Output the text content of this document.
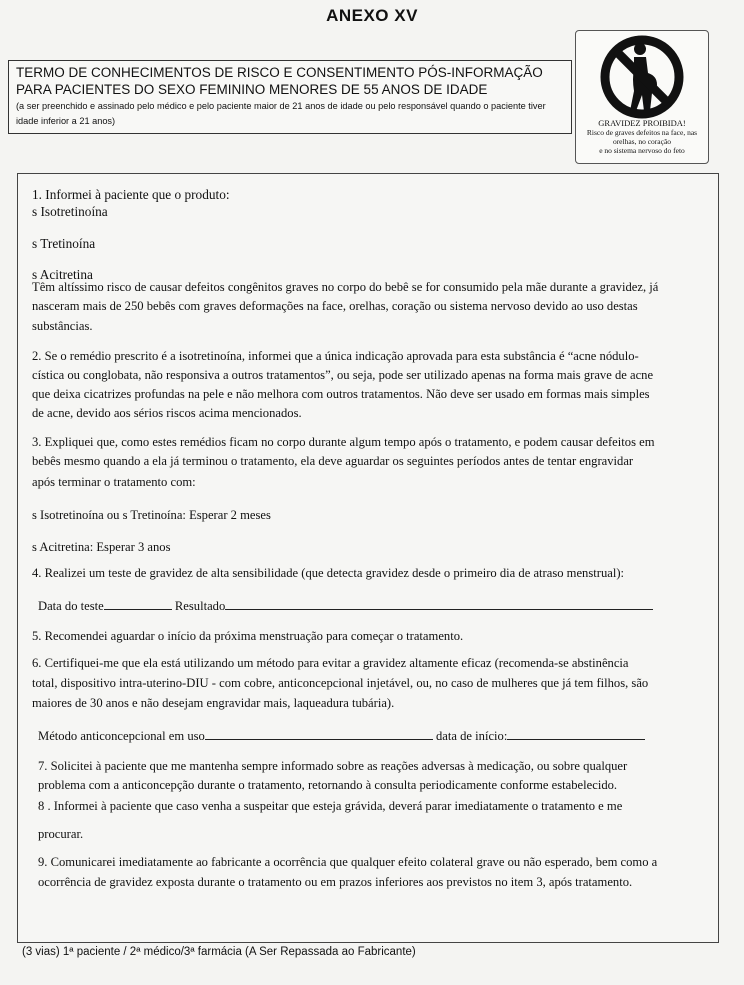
ANEXO XV
TERMO DE CONHECIMENTOS DE RISCO E CONSENTIMENTO PÓS-INFORMAÇÃO
PARA PACIENTES DO SEXO FEMININO MENORES DE 55 ANOS DE IDADE
(a ser preenchido e assinado pelo médico e pelo paciente maior de 21 anos de idade ou pelo responsável quando o paciente tiver idade inferior a 21 anos)	GRAVIDEZ PROIBIDA!
Risco de graves defeitos na face, nas
orelhas, no coração
e no sistema nervoso do feto
1. Informei à paciente que o produto:
s Isotretinoína
s Tretinoína
s Acitretina
Têm altíssimo risco de causar defeitos congênitos graves no corpo do bebê se for consumido pela mãe durante a gravidez, já
nasceram mais de 250 bebês com graves deformações na face, orelhas, coração ou sistema nervoso devido ao uso destas
substâncias.
2. Se o remédio prescrito é a isotretinoína, informei que a única indicação aprovada para esta substância é “acne nódulo-
cística ou conglobata, não responsiva a outros tratamentos”, ou seja, pode ser utilizado apenas na forma mais grave de acne
que deixa cicatrizes profundas na pele e não melhora com outros tratamentos. Não deve ser usado em formas mais simples
de acne, devido aos sérios riscos acima mencionados.
3. Expliquei que, como estes remédios ficam no corpo durante algum tempo após o tratamento, e podem causar defeitos em
bebês mesmo quando a ela já terminou o tratamento, ela deve aguardar os seguintes períodos antes de tentar engravidar
após terminar o tratamento com:
s Isotretinoína ou s Tretinoína: Esperar 2 meses
s Acitretina: Esperar 3 anos
4. Realizei um teste de gravidez de alta sensibilidade (que detecta gravidez desde o primeiro dia de atraso menstrual):
Data do teste	Resultado
5. Recomendei aguardar o início da próxima menstruação para começar o tratamento.
6. Certifiquei-me que ela está utilizando um método para evitar a gravidez altamente eficaz (recomenda-se abstinência
total, dispositivo intra-uterino-DIU - com cobre, anticoncepcional injetável, ou, no caso de mulheres que já tem filhos, são
maiores de 30 anos e não desejam engravidar mais, laqueadura tubária).
Método anticoncepcional em uso	data de início:
7. Solicitei à paciente que me mantenha sempre informado sobre as reações adversas à medicação, ou sobre qualquer
problema com a anticoncepção durante o tratamento, retornando à consulta periodicamente conforme estabelecido.
8 . Informei à paciente que caso venha a suspeitar que esteja grávida, deverá parar imediatamente o tratamento e me
procurar.
9. Comunicarei imediatamente ao fabricante a ocorrência que qualquer efeito colateral grave ou não esperado, bem como a
ocorrência de gravidez exposta durante o tratamento ou em prazos inferiores aos previstos no item 3, após tratamento.
(3 vias) 1ª paciente / 2ª médico/3ª farmácia (A Ser Repassada ao Fabricante)
